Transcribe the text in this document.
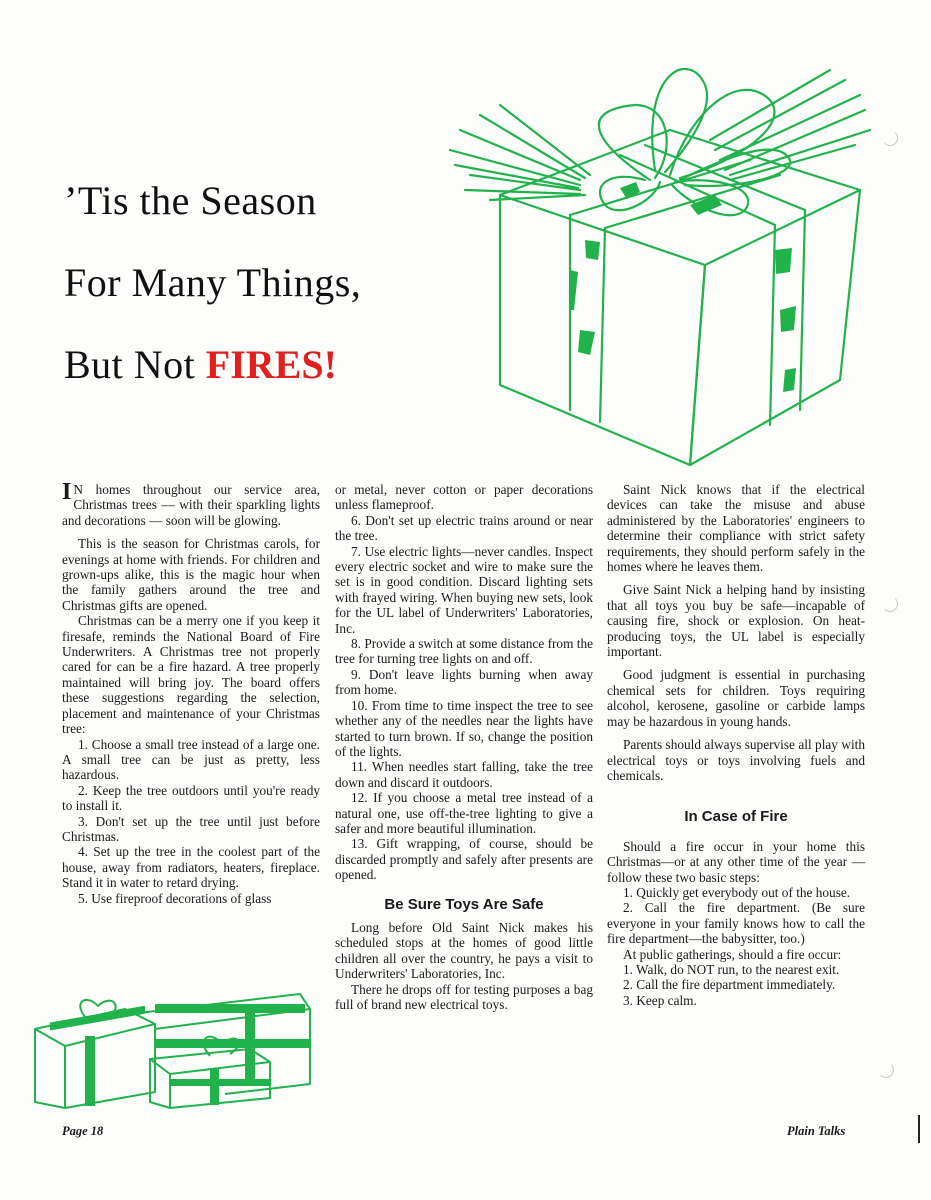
’Tis the Season
For Many Things,
But Not FIRES!

I N homes throughout our service area, Christmas trees — with their sparkling lights and decorations — soon will be glowing.

This is the season for Christmas carols, for evenings at home with friends. For children and grown-ups alike, this is the magic hour when the family gathers around the tree and Christmas gifts are opened.

Christmas can be a merry one if you keep it firesafe, reminds the National Board of Fire Underwriters. A Christmas tree not properly cared for can be a fire hazard. A tree properly maintained will bring joy. The board offers these suggestions regarding the selection, placement and maintenance of your Christmas tree:

1. Choose a small tree instead of a large one. A small tree can be just as pretty, less hazardous.

2. Keep the tree outdoors until you're ready to install it.

3. Don't set up the tree until just before Christmas.

4. Set up the tree in the coolest part of the house, away from radiators, heaters, fireplace. Stand it in water to retard drying.

5. Use fireproof decorations of glass

or metal, never cotton or paper decorations unless flameproof.

6. Don't set up electric trains around or near the tree.

7. Use electric lights—never candles. Inspect every electric socket and wire to make sure the set is in good condition. Discard lighting sets with frayed wiring. When buying new sets, look for the UL label of Underwriters' Laboratories, Inc.

8. Provide a switch at some distance from the tree for turning tree lights on and off.

9. Don't leave lights burning when away from home.

10. From time to time inspect the tree to see whether any of the needles near the lights have started to turn brown. If so, change the position of the lights.

11. When needles start falling, take the tree down and discard it outdoors.

12. If you choose a metal tree instead of a natural one, use off-the-tree lighting to give a safer and more beautiful illumination.

13. Gift wrapping, of course, should be discarded promptly and safely after presents are opened.

Be Sure Toys Are Safe

Long before Old Saint Nick makes his scheduled stops at the homes of good little children all over the country, he pays a visit to Underwriters' Laboratories, Inc.

There he drops off for testing purposes a bag full of brand new electrical toys.

Saint Nick knows that if the electrical devices can take the misuse and abuse administered by the Laboratories' engineers to determine their compliance with strict safety requirements, they should perform safely in the homes where he leaves them.

Give Saint Nick a helping hand by insisting that all toys you buy be safe—incapable of causing fire, shock or explosion. On heat-producing toys, the UL label is especially important.

Good judgment is essential in purchasing chemical sets for children. Toys requiring alcohol, kerosene, gasoline or carbide lamps may be hazardous in young hands.

Parents should always supervise all play with electrical toys or toys involving fuels and chemicals.

In Case of Fire

Should a fire occur in your home this Christmas—or at any other time of the year — follow these two basic steps:

1. Quickly get everybody out of the house.

2. Call the fire department. (Be sure everyone in your family knows how to call the fire department—the babysitter, too.)

At public gatherings, should a fire occur:

1. Walk, do NOT run, to the nearest exit.

2. Call the fire department immediately.

3. Keep calm.

Page 18	Plain Talks
